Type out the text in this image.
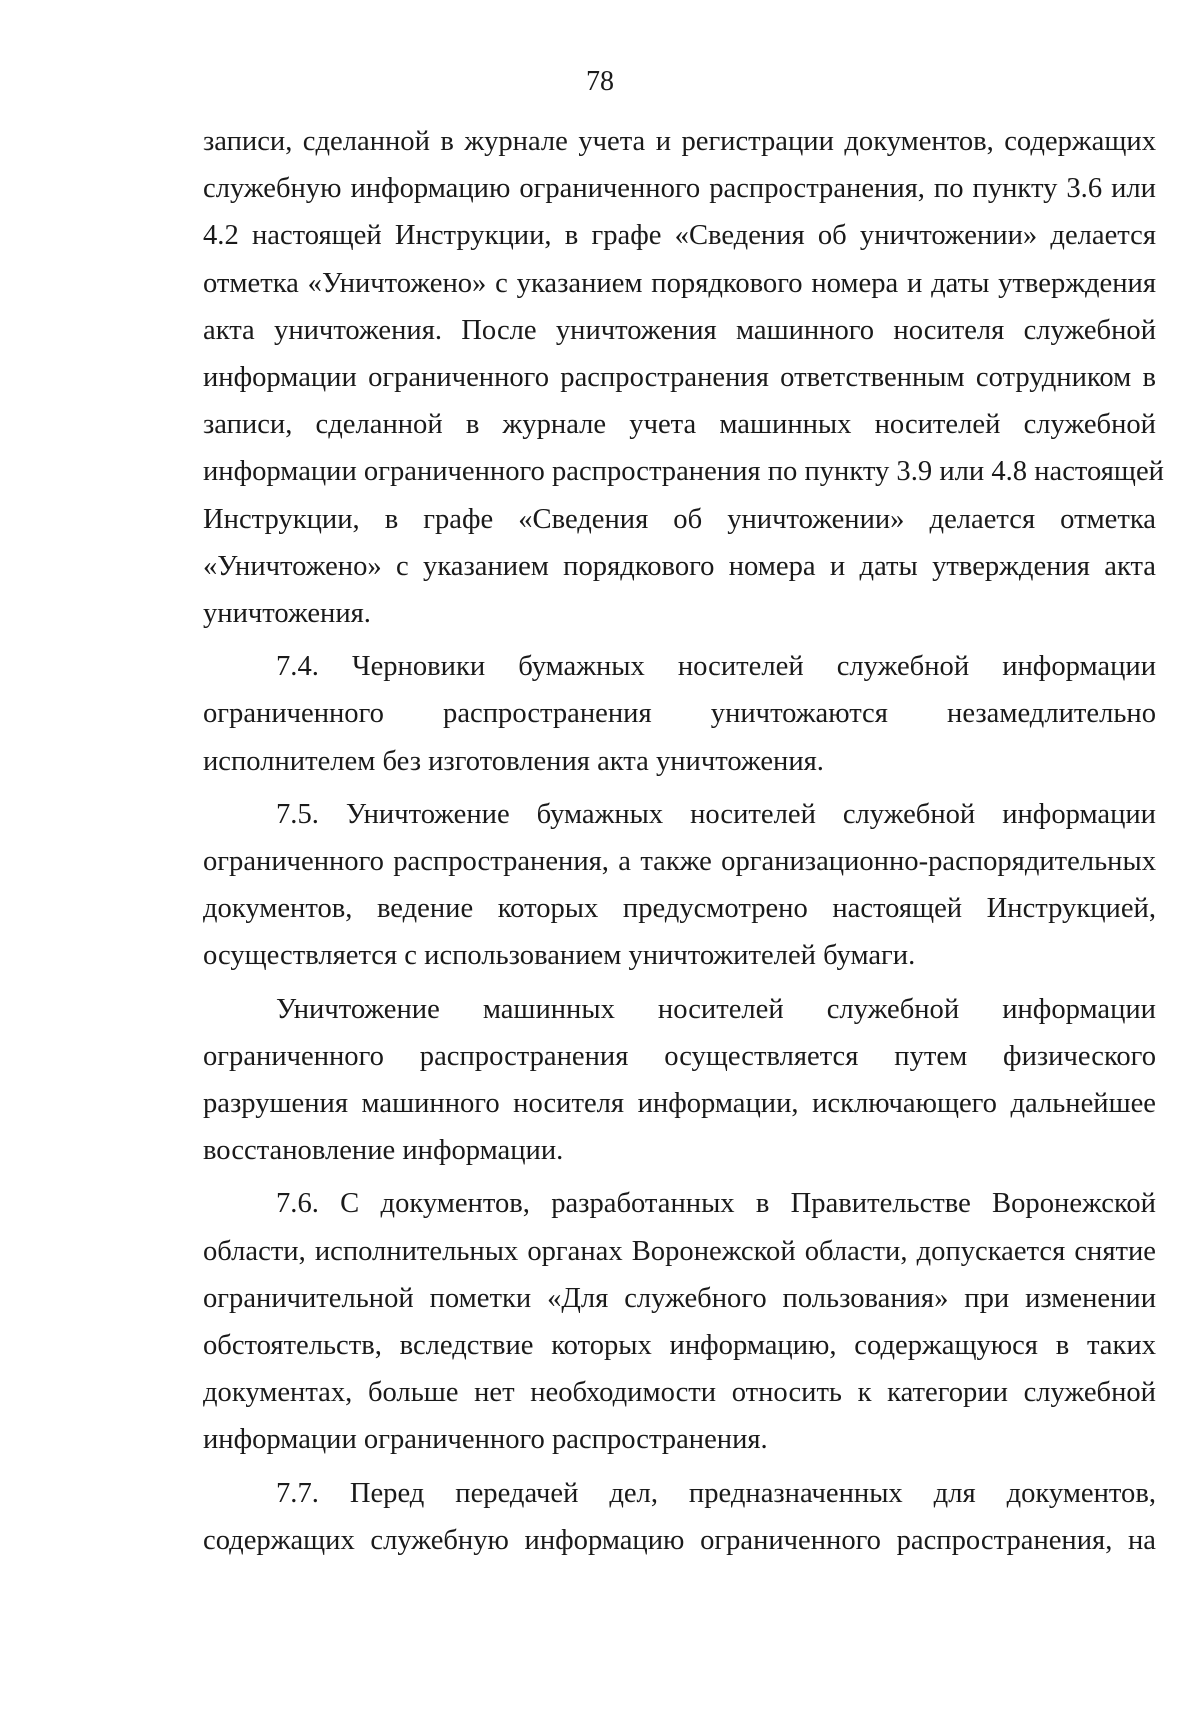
78
записи, сделанной в журнале учета и регистрации документов, содержащих
служебную информацию ограниченного распространения, по пункту 3.6 или
4.2 настоящей Инструкции, в графе «Сведения об уничтожении» делается
отметка «Уничтожено» с указанием порядкового номера и даты утверждения
акта уничтожения. После уничтожения машинного носителя служебной
информации ограниченного распространения ответственным сотрудником в
записи, сделанной в журнале учета машинных носителей служебной
информации ограниченного распространения по пункту 3.9 или 4.8 настоящей
Инструкции, в графе «Сведения об уничтожении» делается отметка
«Уничтожено» с указанием порядкового номера и даты утверждения акта
уничтожения.
7.4. Черновики бумажных носителей служебной информации
ограниченного распространения уничтожаются незамедлительно
исполнителем без изготовления акта уничтожения.
7.5. Уничтожение бумажных носителей служебной информации
ограниченного распространения, а также организационно-распорядительных
документов, ведение которых предусмотрено настоящей Инструкцией,
осуществляется с использованием уничтожителей бумаги.
Уничтожение машинных носителей служебной информации
ограниченного распространения осуществляется путем физического
разрушения машинного носителя информации, исключающего дальнейшее
восстановление информации.
7.6. С документов, разработанных в Правительстве Воронежской
области, исполнительных органах Воронежской области, допускается снятие
ограничительной пометки «Для служебного пользования» при изменении
обстоятельств, вследствие которых информацию, содержащуюся в таких
документах, больше нет необходимости относить к категории служебной
информации ограниченного распространения.
7.7. Перед передачей дел, предназначенных для документов,
содержащих служебную информацию ограниченного распространения, на
